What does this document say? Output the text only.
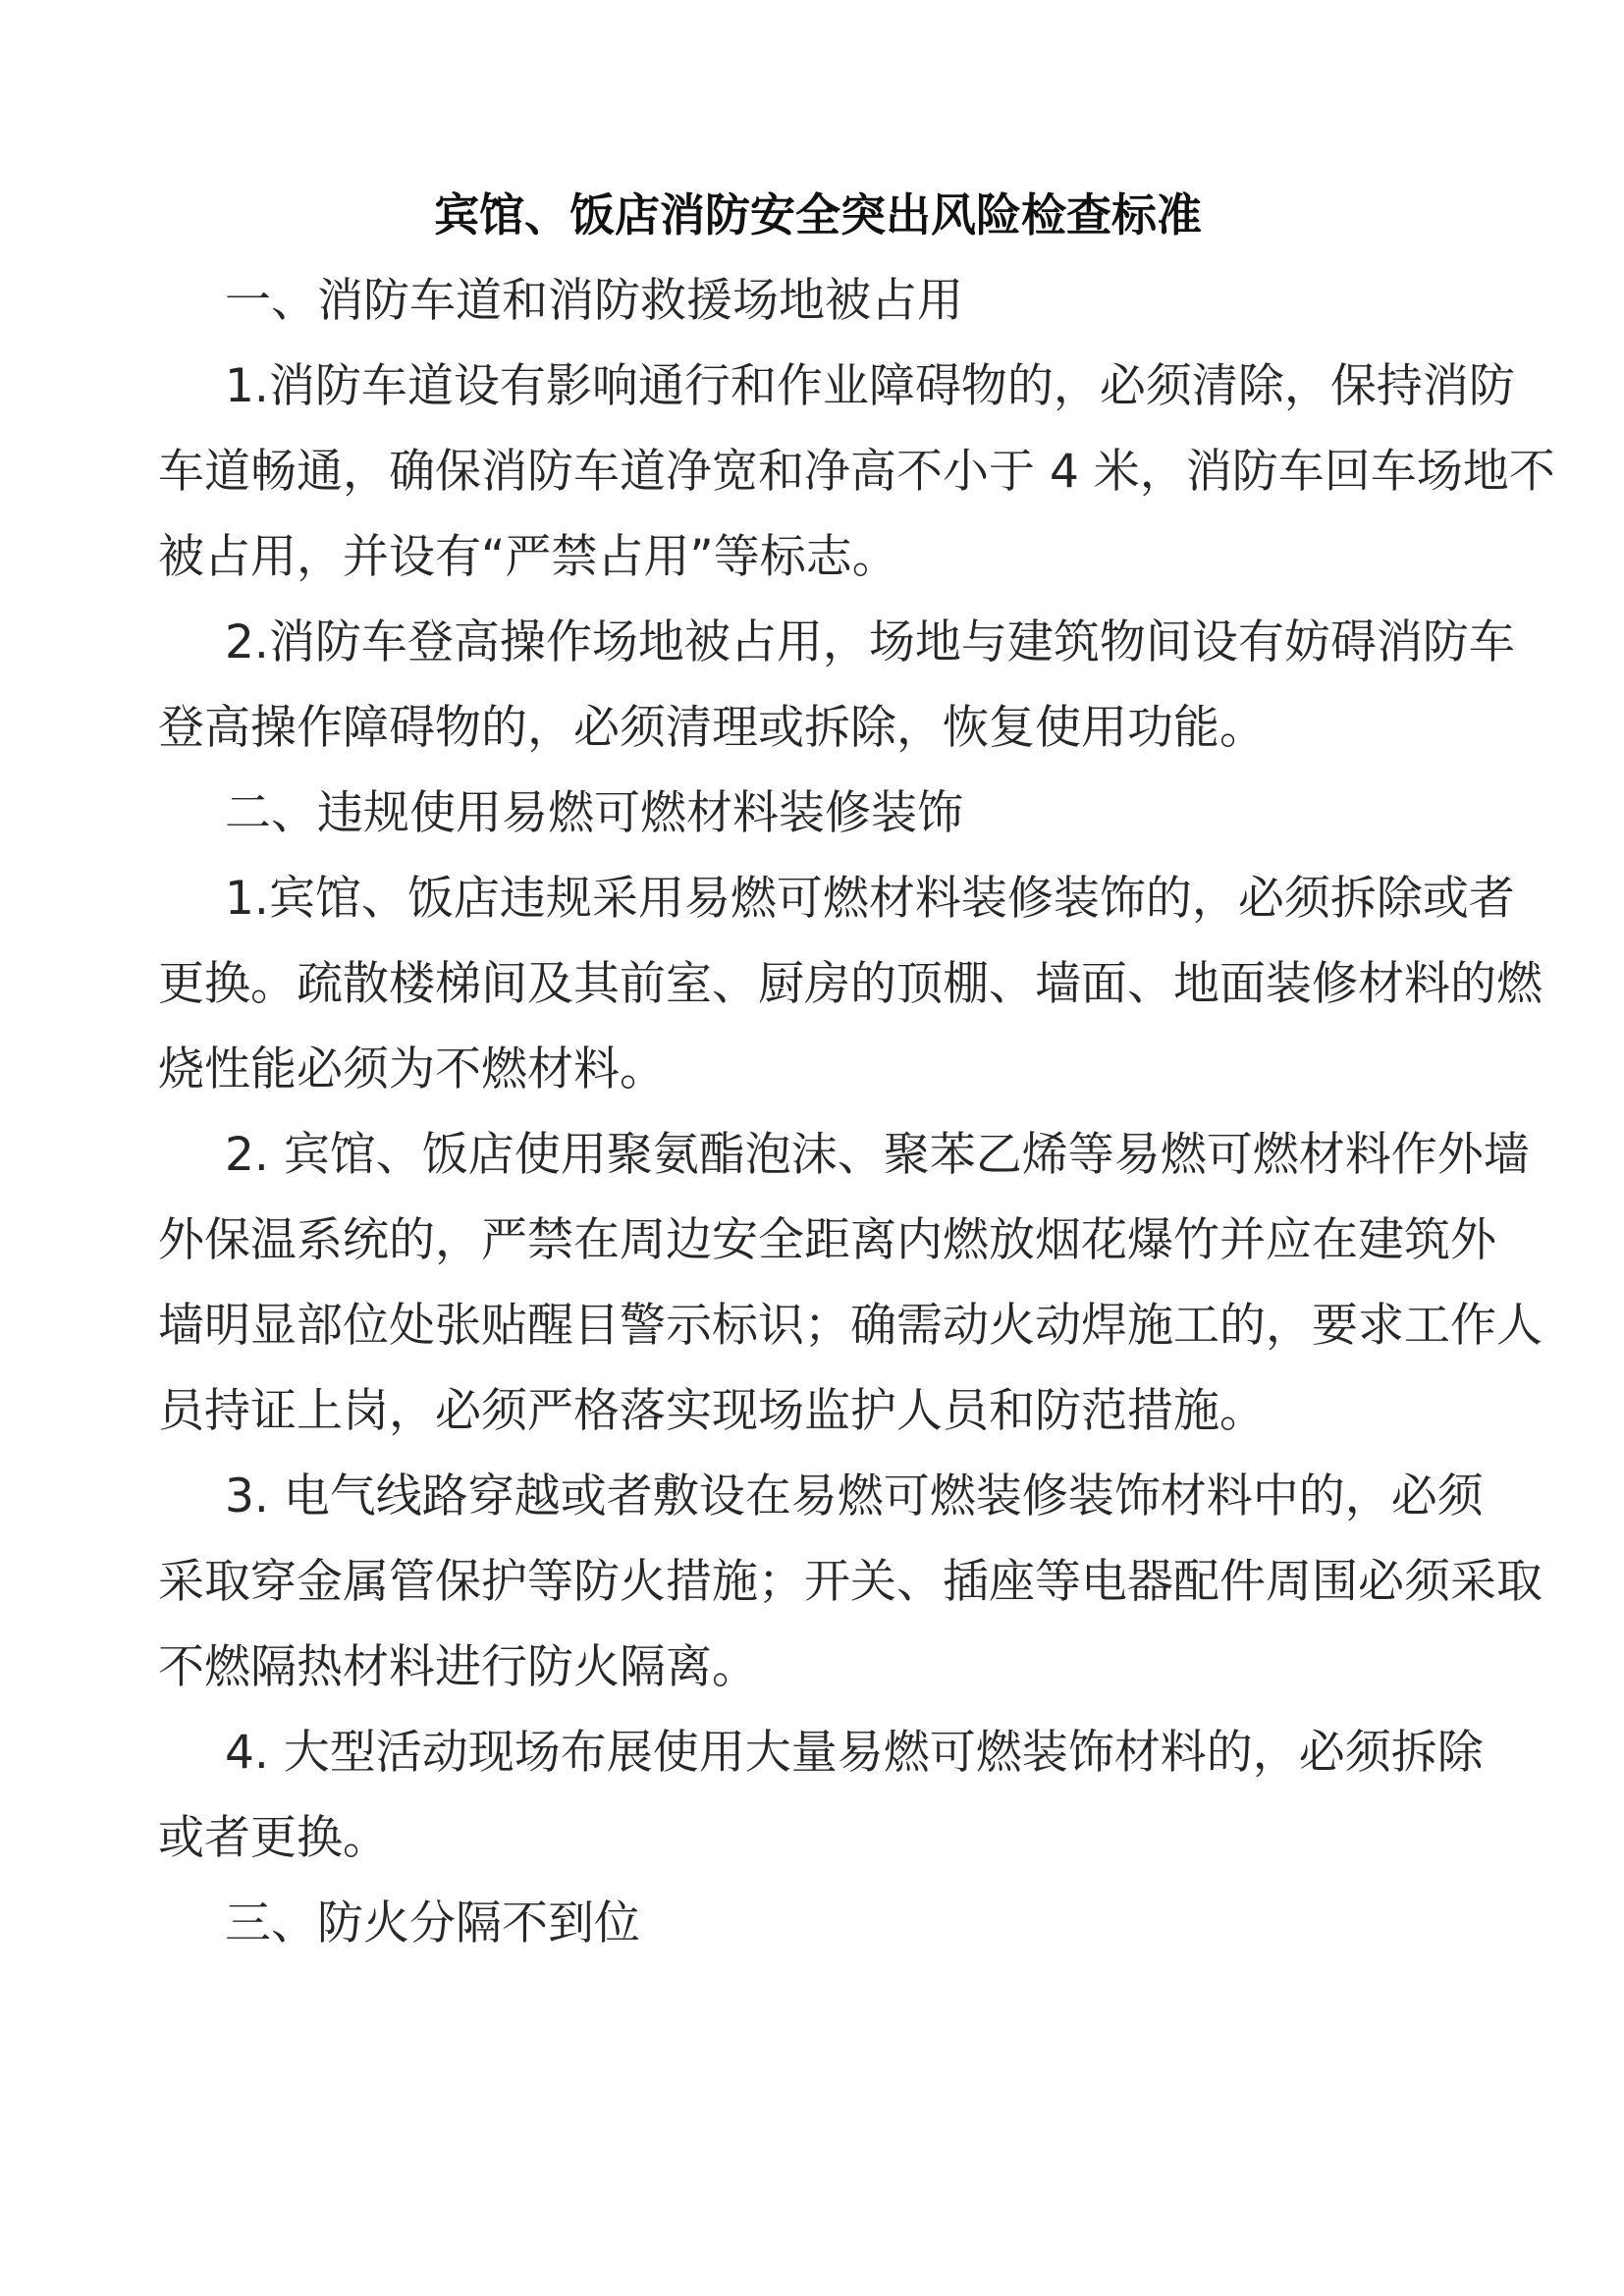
宾馆、饭店消防安全突出风险检查标准
一、消防车道和消防救援场地被占用
1.消防车道设有影响通行和作业障碍物的，必须清除，保持消防
车道畅通，确保消防车道净宽和净高不小于 4 米，消防车回车场地不
被占用，并设有“严禁占用”等标志。
2.消防车登高操作场地被占用，场地与建筑物间设有妨碍消防车
登高操作障碍物的，必须清理或拆除，恢复使用功能。
二、违规使用易燃可燃材料装修装饰
1.宾馆、饭店违规采用易燃可燃材料装修装饰的，必须拆除或者
更换。疏散楼梯间及其前室、厨房的顶棚、墙面、地面装修材料的燃
烧性能必须为不燃材料。
2. 宾馆、饭店使用聚氨酯泡沫、聚苯乙烯等易燃可燃材料作外墙
外保温系统的，严禁在周边安全距离内燃放烟花爆竹并应在建筑外
墙明显部位处张贴醒目警示标识；确需动火动焊施工的，要求工作人
员持证上岗，必须严格落实现场监护人员和防范措施。
3. 电气线路穿越或者敷设在易燃可燃装修装饰材料中的，必须
采取穿金属管保护等防火措施；开关、插座等电器配件周围必须采取
不燃隔热材料进行防火隔离。
4. 大型活动现场布展使用大量易燃可燃装饰材料的，必须拆除
或者更换。
三、防火分隔不到位
